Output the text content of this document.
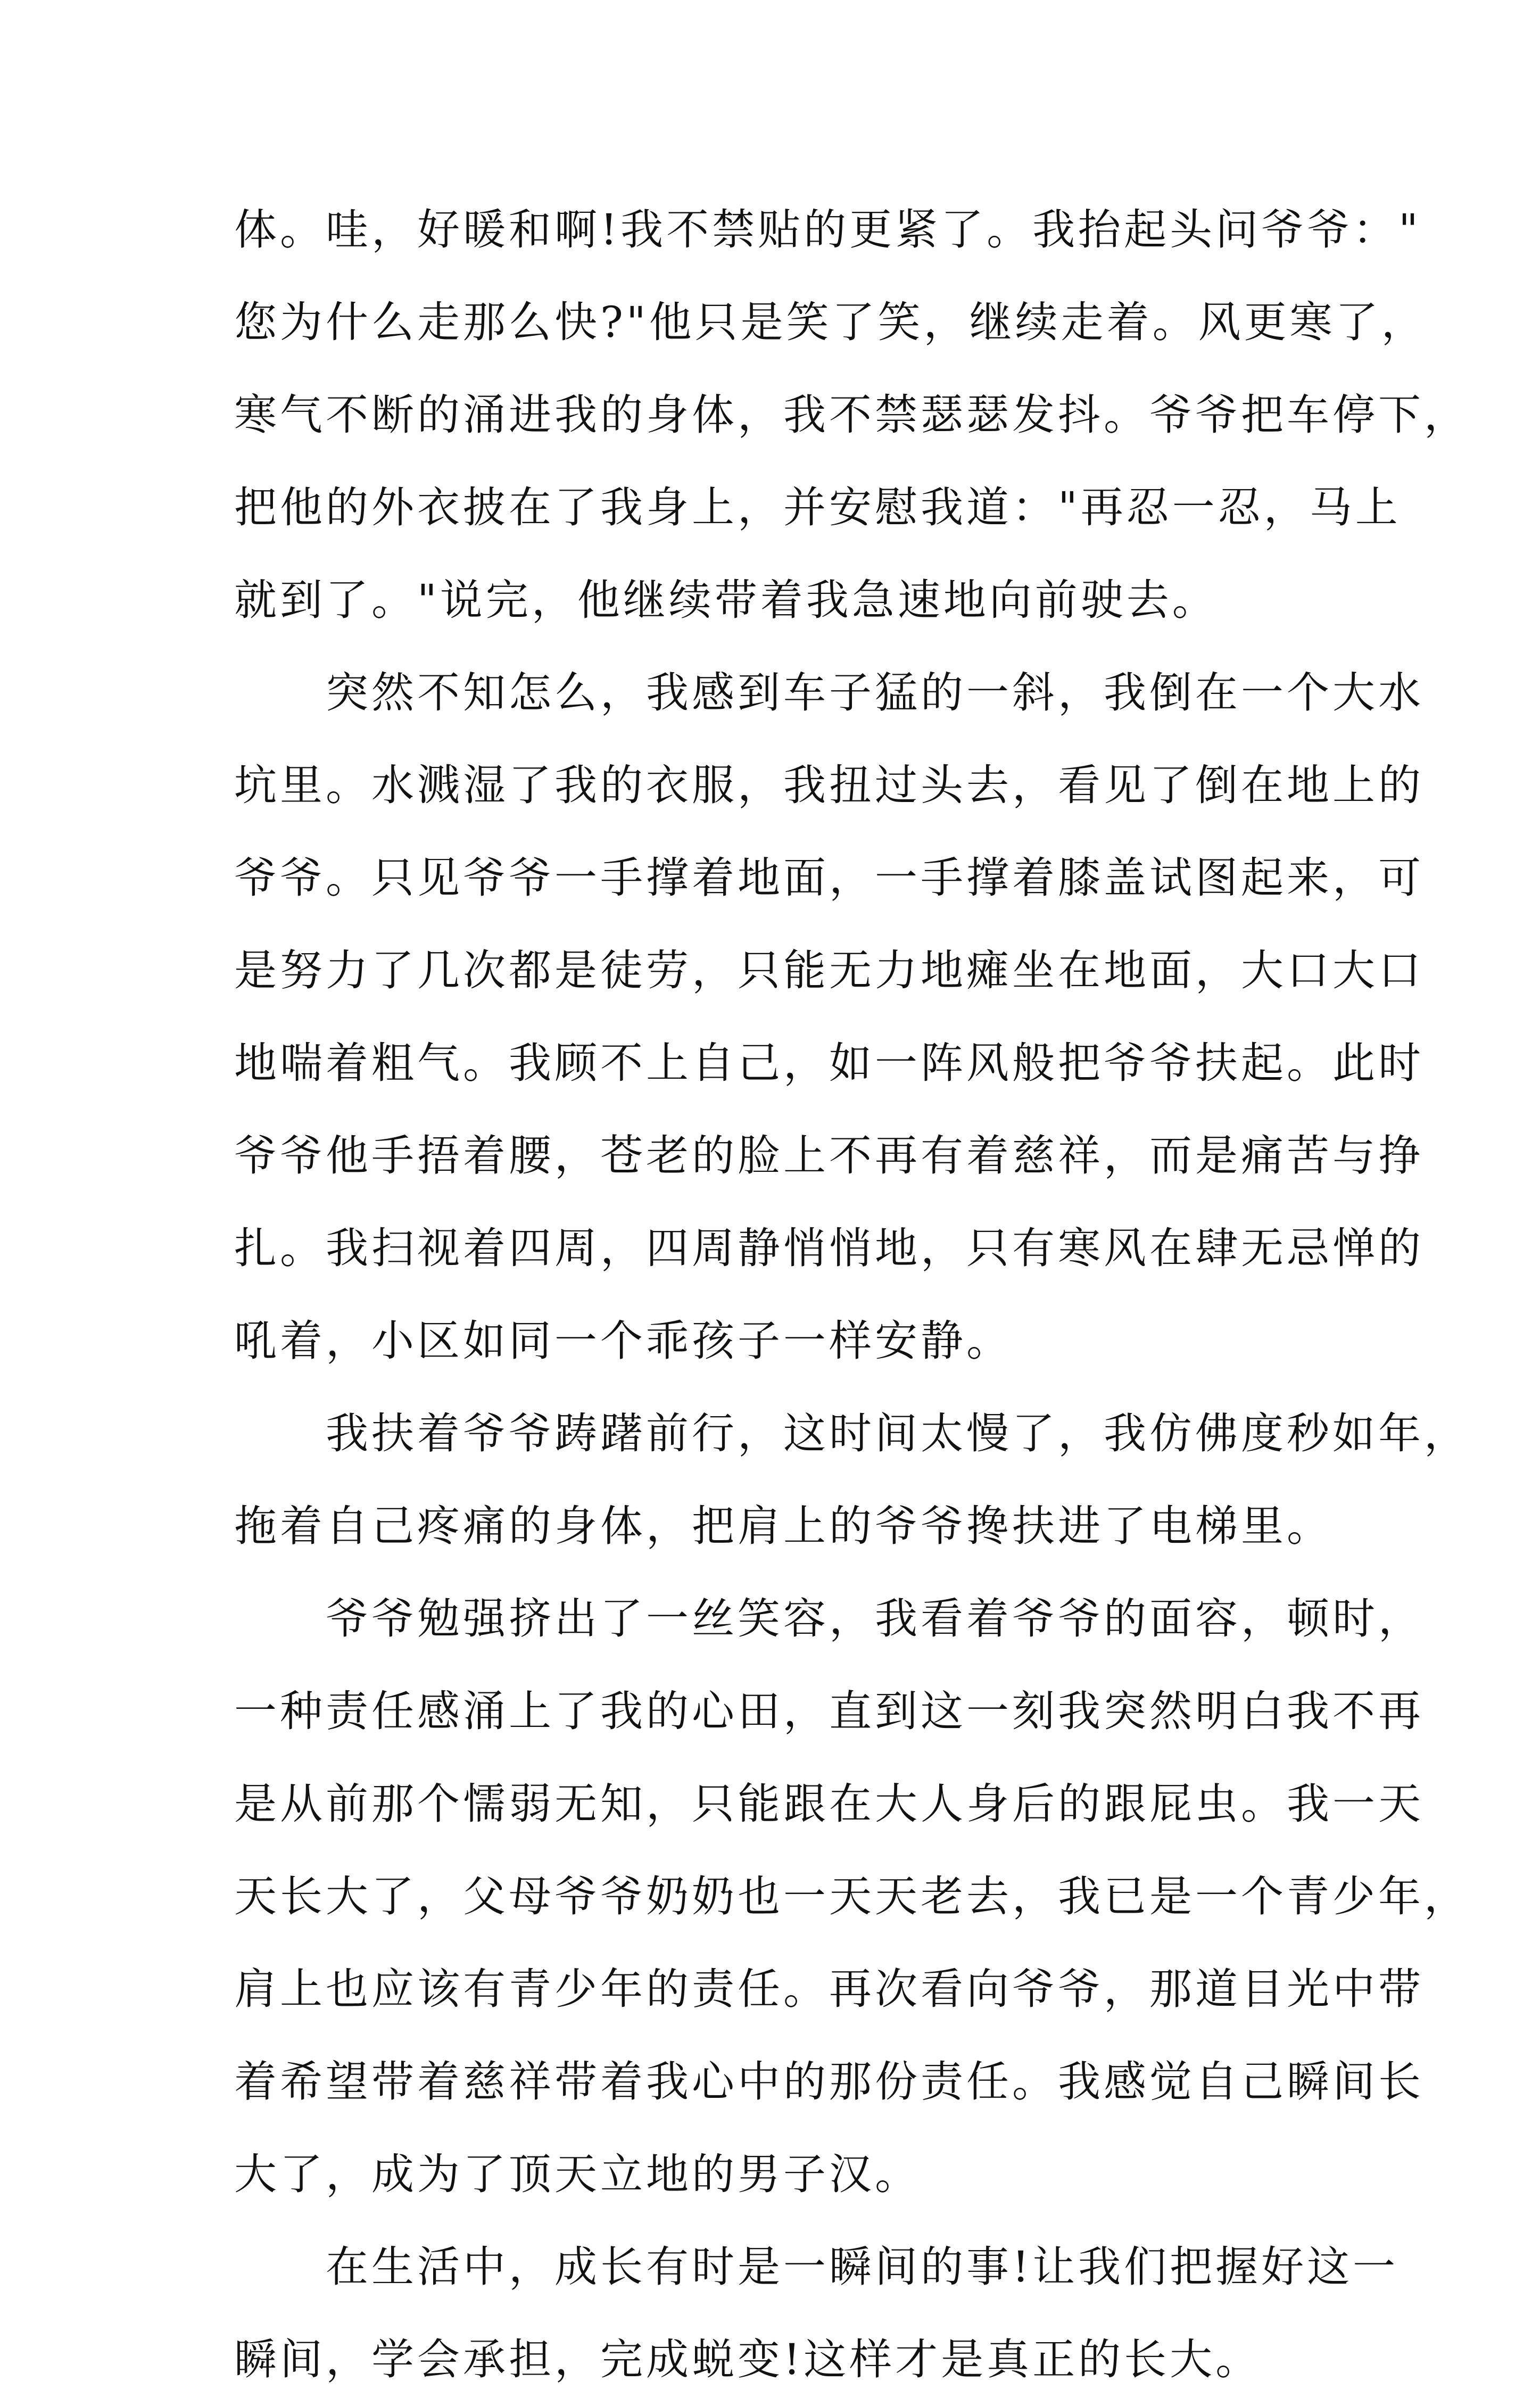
体。哇，好暖和啊!我不禁贴的更紧了。我抬起头问爷爷："
您为什么走那么快?"他只是笑了笑，继续走着。风更寒了，
寒气不断的涌进我的身体，我不禁瑟瑟发抖。爷爷把车停下，
把他的外衣披在了我身上，并安慰我道："再忍一忍，马上
就到了。"说完，他继续带着我急速地向前驶去。
　　突然不知怎么，我感到车子猛的一斜，我倒在一个大水
坑里。水溅湿了我的衣服，我扭过头去，看见了倒在地上的
爷爷。只见爷爷一手撑着地面，一手撑着膝盖试图起来，可
是努力了几次都是徒劳，只能无力地瘫坐在地面，大口大口
地喘着粗气。我顾不上自己，如一阵风般把爷爷扶起。此时
爷爷他手捂着腰，苍老的脸上不再有着慈祥，而是痛苦与挣
扎。我扫视着四周，四周静悄悄地，只有寒风在肆无忌惮的
吼着，小区如同一个乖孩子一样安静。
　　我扶着爷爷踌躇前行，这时间太慢了，我仿佛度秒如年，
拖着自己疼痛的身体，把肩上的爷爷搀扶进了电梯里。
　　爷爷勉强挤出了一丝笑容，我看着爷爷的面容，顿时，
一种责任感涌上了我的心田，直到这一刻我突然明白我不再
是从前那个懦弱无知，只能跟在大人身后的跟屁虫。我一天
天长大了，父母爷爷奶奶也一天天老去，我已是一个青少年，
肩上也应该有青少年的责任。再次看向爷爷，那道目光中带
着希望带着慈祥带着我心中的那份责任。我感觉自己瞬间长
大了，成为了顶天立地的男子汉。
　　在生活中，成长有时是一瞬间的事!让我们把握好这一
瞬间，学会承担，完成蜕变!这样才是真正的长大。
